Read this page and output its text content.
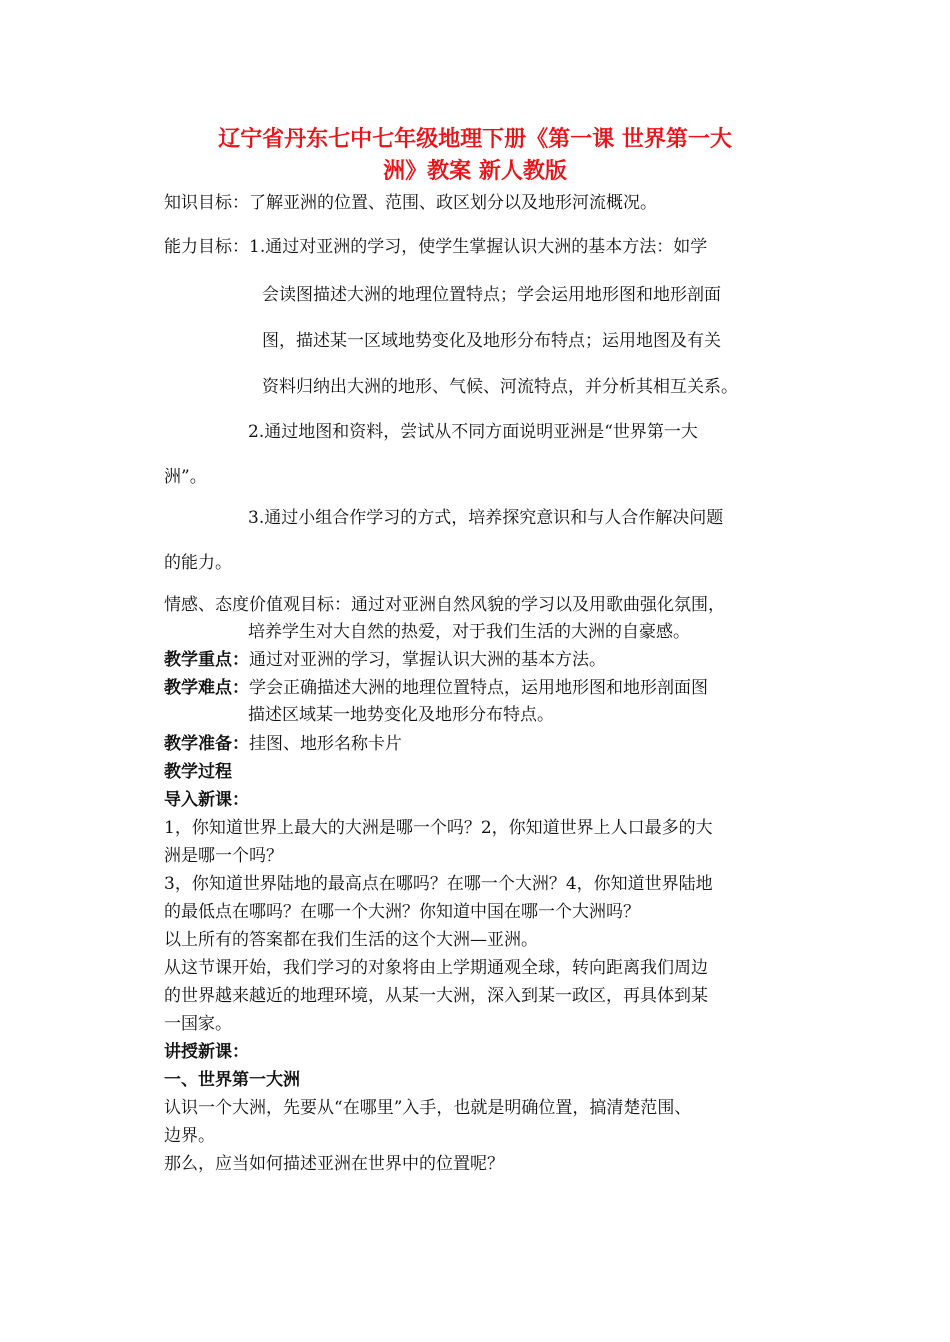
辽宁省丹东七中七年级地理下册《第一课 世界第一大
洲》教案 新人教版
知识目标：了解亚洲的位置、范围、政区划分以及地形河流概况。
能力目标：1.通过对亚洲的学习，使学生掌握认识大洲的基本方法：如学
会读图描述大洲的地理位置特点；学会运用地形图和地形剖面
图，描述某一区域地势变化及地形分布特点；运用地图及有关
资料归纳出大洲的地形、气候、河流特点，并分析其相互关系。
2.通过地图和资料，尝试从不同方面说明亚洲是“世界第一大
洲”。
3.通过小组合作学习的方式，培养探究意识和与人合作解决问题
的能力。
情感、态度价值观目标：通过对亚洲自然风貌的学习以及用歌曲强化氛围，
培养学生对大自然的热爱，对于我们生活的大洲的自豪感。
教学重点：通过对亚洲的学习，掌握认识大洲的基本方法。
教学难点：学会正确描述大洲的地理位置特点，运用地形图和地形剖面图
描述区域某一地势变化及地形分布特点。
教学准备：挂图、地形名称卡片
教学过程
导入新课：
1，你知道世界上最大的大洲是哪一个吗？2，你知道世界上人口最多的大
洲是哪一个吗？
3，你知道世界陆地的最高点在哪吗？在哪一个大洲？4，你知道世界陆地
的最低点在哪吗？在哪一个大洲？你知道中国在哪一个大洲吗？
以上所有的答案都在我们生活的这个大洲—亚洲。
从这节课开始，我们学习的对象将由上学期通观全球，转向距离我们周边
的世界越来越近的地理环境，从某一大洲，深入到某一政区，再具体到某
一国家。
讲授新课：
一、世界第一大洲
认识一个大洲，先要从“在哪里”入手，也就是明确位置，搞清楚范围、
边界。
那么，应当如何描述亚洲在世界中的位置呢？
